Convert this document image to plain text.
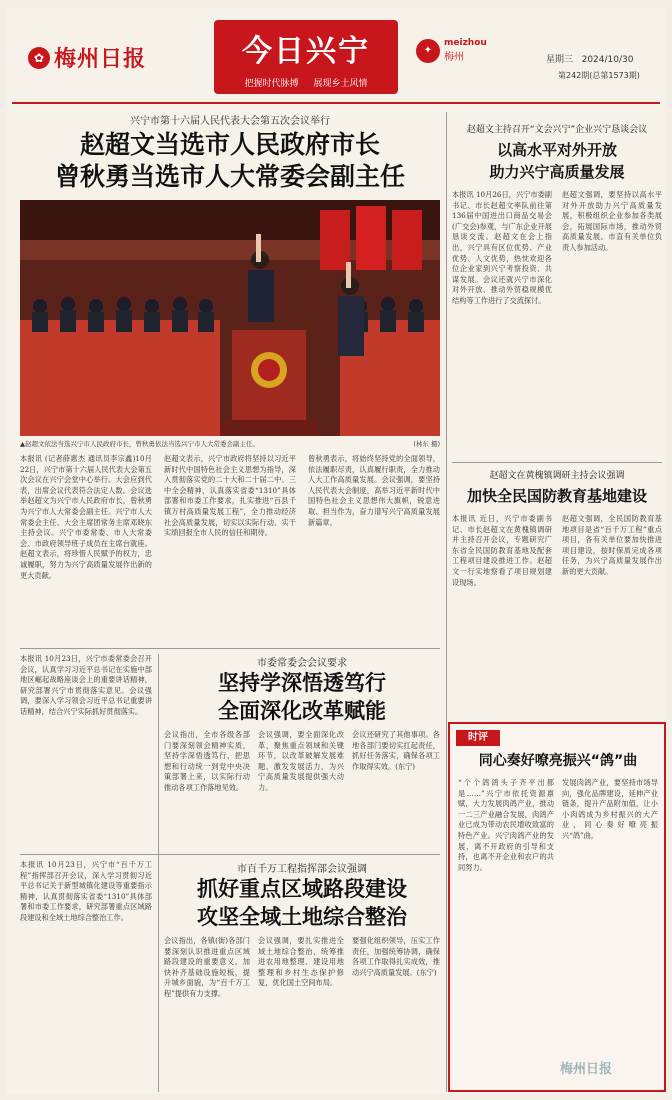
✿ 梅州日报	今日兴宁
把握时代脉搏 展现乡土风情
✦
meizhou
梅州	星期三 2024/10/30
第242期(总第1573期)
兴宁市第十六届人民代表大会第五次会议举行
赵超文当选市人民政府市长
曾秋勇当选市人大常委会副主任
▲赵超文依法当选兴宁市人民政府市长，曾秋勇依法当选兴宁市人大常委会副主任。	(林东 摄)
本报讯 (记者薛惠杰 通讯员李宗鑫)10月22日，兴宁市第十六届人民代表大会第五次会议在兴宁会堂中心举行。大会应到代表，出席会议代表符合法定人数。会议选举赵超文为兴宁市人民政府市长，曾秋勇为兴宁市人大常委会副主任。兴宁市人大常委会主任、大会主席团常务主席邓晓东主持会议。兴宁市委常委、市人大常委会、市政府领导班子成员在主席台就座。赵超文表示，将珍惜人民赋予的权力，忠诚履职，努力为兴宁高质量发展作出新的更大贡献。
赵超文表示，兴宁市政府将坚持以习近平新时代中国特色社会主义思想为指导，深入贯彻落实党的二十大和二十届二中、三中全会精神，认真落实省委“1310”具体部署和市委工作要求，扎实推进“百县千镇万村高质量发展工程”，全力推动经济社会高质量发展，切实以实际行动、实干实绩回报全市人民的信任和期待。
曾秋勇表示，将始终坚持党的全面领导，依法履职尽责，认真履行职责，全力推动人大工作高质量发展。会议强调，要坚持人民代表大会制度，高举习近平新时代中国特色社会主义思想伟大旗帜，锐意进取、担当作为，奋力谱写兴宁高质量发展新篇章。
赵超文主持召开“文会兴宁”企业兴宁恳谈会议
以高水平对外开放
助力兴宁高质量发展
本报讯 10月26日，兴宁市委副书记、市长赵超文率队前往第136届中国进出口商品交易会(广交会)参观，与广东企业开展恳谈交流。赵超文在会上指出，兴宁具有区位优势、产业优势、人文优势，热忱欢迎各位企业家到兴宁考察投资、共谋发展。会议还就兴宁市深化对外开放、推动外贸稳规模优结构等工作进行了交流探讨。
赵超文强调，要坚持以高水平对外开放助力兴宁高质量发展，积极组织企业参加各类展会，拓展国际市场，推动外贸高质量发展。市直有关单位负责人参加活动。
赵超文在黄槐镇调研主持会议强调
加快全民国防教育基地建设
本报讯 近日，兴宁市委副书记、市长赵超文在黄槐镇调研并主持召开会议，专题研究广东省全民国防教育基地及配套工程项目建设推进工作。赵超文一行实地察看了项目规划建设现场。
赵超文强调，全民国防教育基地项目是省“百千万工程”重点项目，各有关单位要加快推进项目建设，按时保质完成各项任务，为兴宁高质量发展作出新的更大贡献。
时评
同心奏好嘹亮振兴“鸽”曲
“个个鸽鸽头子齐平出都是……”兴宁市依托资源禀赋，大力发展肉鸽产业，推动一二三产业融合发展，肉鸽产业已成为带动农民增收致富的特色产业。兴宁肉鸽产业的发展，离不开政府的引导和支持，也离不开企业和农户的共同努力。
发展肉鸽产业，要坚持市场导向，强化品牌建设，延伸产业链条，提升产品附加值，让小小肉鸽成为乡村振兴的大产业，同心奏好嘹亮振兴“鸽”曲。
梅州日报
本报讯 10月23日，兴宁市委常委会召开会议，认真学习习近平总书记在实施中部地区崛起战略座谈会上的重要讲话精神，研究部署兴宁市贯彻落实意见。会议强调，要深入学习领会习近平总书记重要讲话精神，结合兴宁实际抓好贯彻落实。
市委常委会会议要求
坚持学深悟透笃行
全面深化改革赋能
会议指出，全市各级各部门要深刻领会精神实质，坚持学深悟透笃行，把思想和行动统一到党中央决策部署上来，以实际行动推动各项工作落地见效。
会议强调，要全面深化改革，聚焦重点领域和关键环节，以改革破解发展难题、激发发展活力，为兴宁高质量发展提供强大动力。
会议还研究了其他事项。各地各部门要切实扛起责任，抓好任务落实，确保各项工作取得实效。(东宁)
本报讯 10月23日，兴宁市“百千万工程”指挥部召开会议，深入学习贯彻习近平总书记关于新型城镇化建设等重要指示精神，认真贯彻落实省委“1310”具体部署和市委工作要求，研究部署重点区域路段建设和全域土地综合整治工作。
市百千万工程指挥部会议强调
抓好重点区域路段建设
攻坚全域土地综合整治
会议指出，各镇(街)各部门要深刻认识推进重点区域路段建设的重要意义，加快补齐基础设施短板，提升城乡面貌，为“百千万工程”提供有力支撑。
会议强调，要扎实推进全域土地综合整治，统筹推进农用地整理、建设用地整理和乡村生态保护修复，优化国土空间布局。
要强化组织领导，压实工作责任，加强统筹协调，确保各项工作取得扎实成效，推动兴宁高质量发展。(东宁)
